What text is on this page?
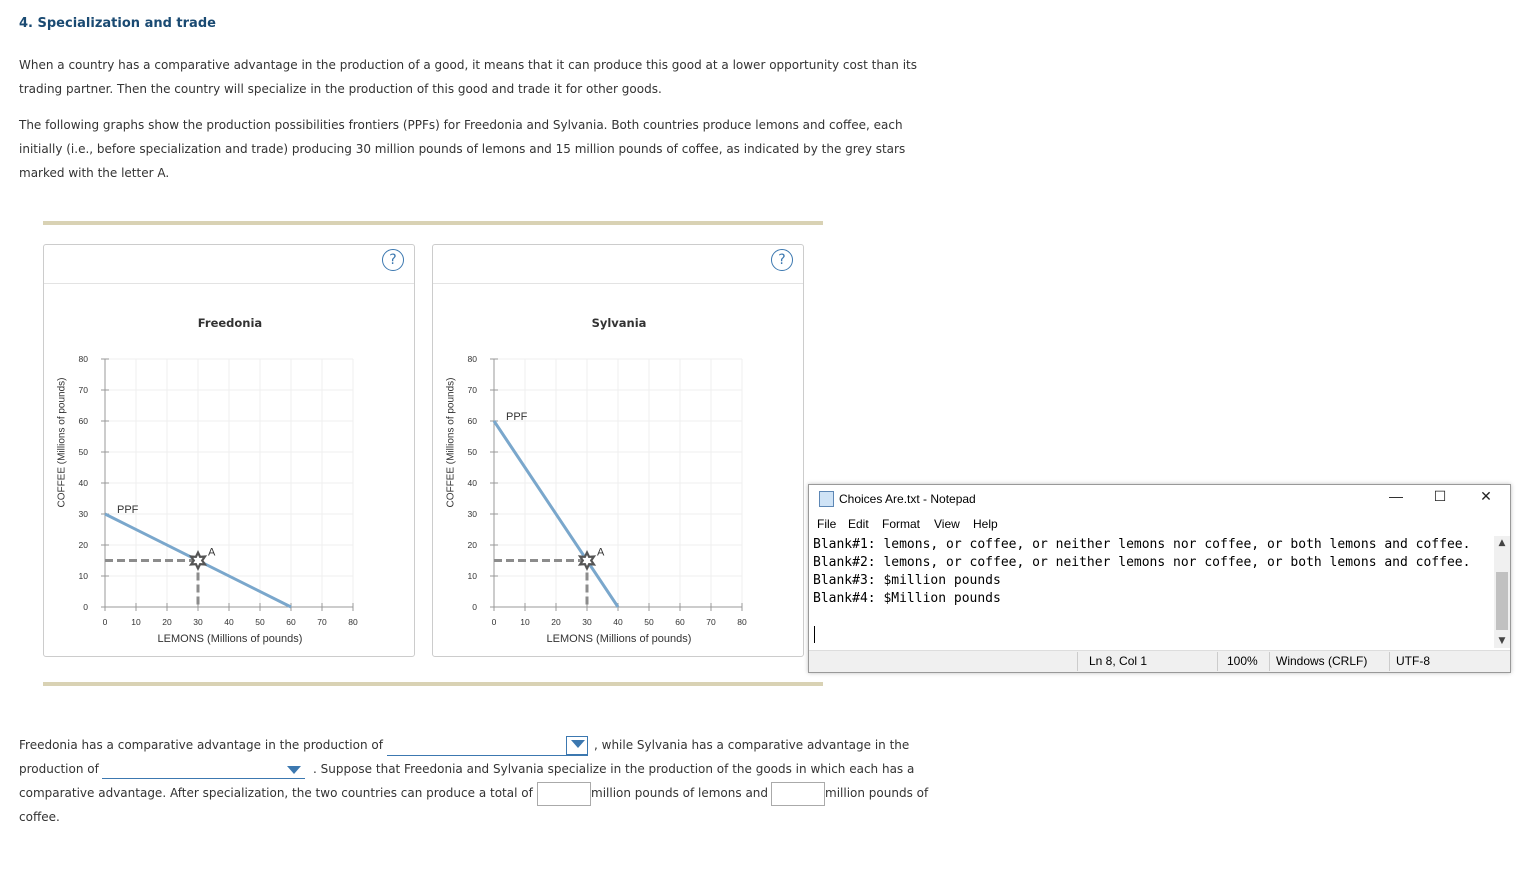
4. Specialization and trade
When a country has a comparative advantage in the production of a good, it means that it can produce this good at a lower opportunity cost than its
trading partner. Then the country will specialize in the production of this good and trade it for other goods.
The following graphs show the production possibilities frontiers (PPFs) for Freedonia and Sylvania. Both countries produce lemons and coffee, each
initially (i.e., before specialization and trade) producing 30 million pounds of lemons and 15 million pounds of coffee, as indicated by the grey stars
marked with the letter A.
?
Freedonia
0	10	20	30	40	50	60	70	80
0
10
20
30
40
50
60
70
80
PPF
A
COFFEE (Millions of pounds)
LEMONS (Millions of pounds)
?
Sylvania
0	10	20	30	40	50	60	70	80
0
10
20
30
40
50
60
70
80
PPF
A
COFFEE (Millions of pounds)
LEMONS (Millions of pounds)
Choices Are.txt - Notepad	— ☐ ✕
File Edit Format View Help
Blank#1: lemons, or coffee, or neither lemons nor coffee, or both lemons and coffee.
Blank#2: lemons, or coffee, or neither lemons nor coffee, or both lemons and coffee.
Blank#3: $million pounds
Blank#4: $Million pounds
▲
▼
Ln 8, Col 1	100% Windows (CRLF) UTF-8
Freedonia has a comparative advantage in the production of	, while Sylvania has a comparative advantage in the
production of	. Suppose that Freedonia and Sylvania specialize in the production of the goods in which each has a
comparative advantage. After specialization, the two countries can produce a total of	million pounds of lemons and	million pounds of
coffee.
